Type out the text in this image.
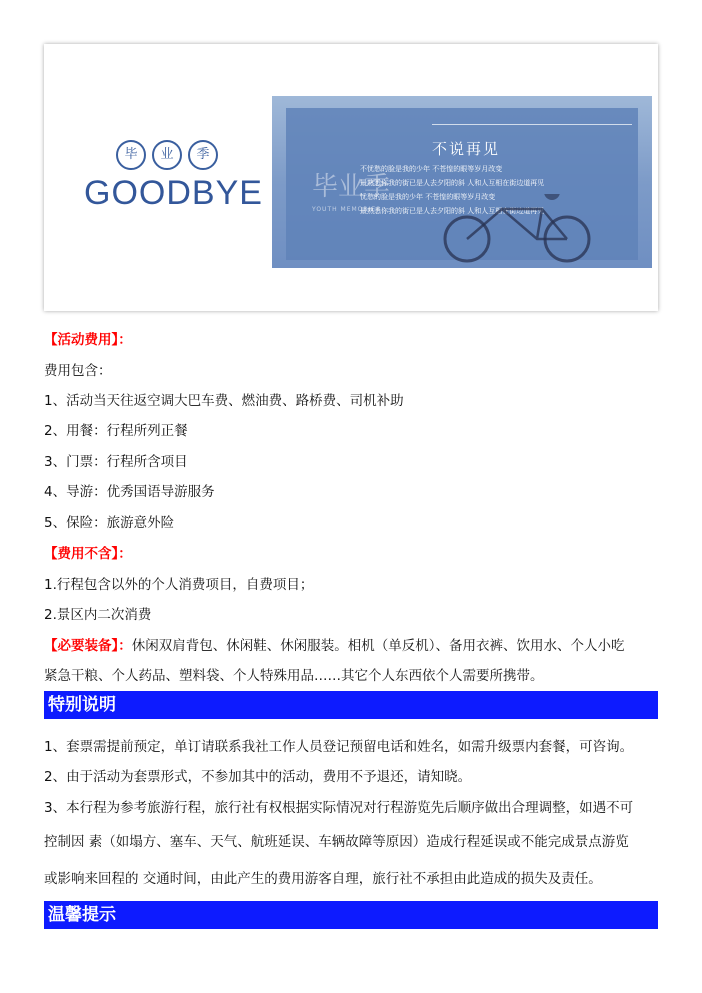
毕	业	季
GOODBYE 毕业季
YOUTH MEMORIES
不说再见
不忧愁的脸是我的少年 不苍惶的眼等岁月改变
最熟悉你我的街已是人去夕阳的斜 人和人互相在街边道再见
忧愁的脸是我的少年 不苍惶的眼等岁月改变
最熟悉你我的街已是人去夕阳的斜 人和人互相在街边道再见
【活动费用】：
费用包含：
1、活动当天往返空调大巴车费、燃油费、路桥费、司机补助
2、用餐：行程所列正餐
3、门票：行程所含项目
4、导游：优秀国语导游服务
5、保险：旅游意外险
【费用不含】：
1.行程包含以外的个人消费项目，自费项目；
2.景区内二次消费
【必要装备】：休闲双肩背包、休闲鞋、休闲服装。相机（单反机）、备用衣裤、饮用水、个人小吃
紧急干粮、个人药品、塑料袋、个人特殊用品……其它个人东西依个人需要所携带。
特别说明
1、套票需提前预定，单订请联系我社工作人员登记预留电话和姓名，如需升级票内套餐，可咨询。
2、由于活动为套票形式，不参加其中的活动，费用不予退还，请知晓。
3、本行程为参考旅游行程，旅行社有权根据实际情况对行程游览先后顺序做出合理调整，如遇不可
控制因 素（如塌方、塞车、天气、航班延误、车辆故障等原因）造成行程延误或不能完成景点游览
或影响来回程的 交通时间，由此产生的费用游客自理，旅行社不承担由此造成的损失及责任。
温馨提示
